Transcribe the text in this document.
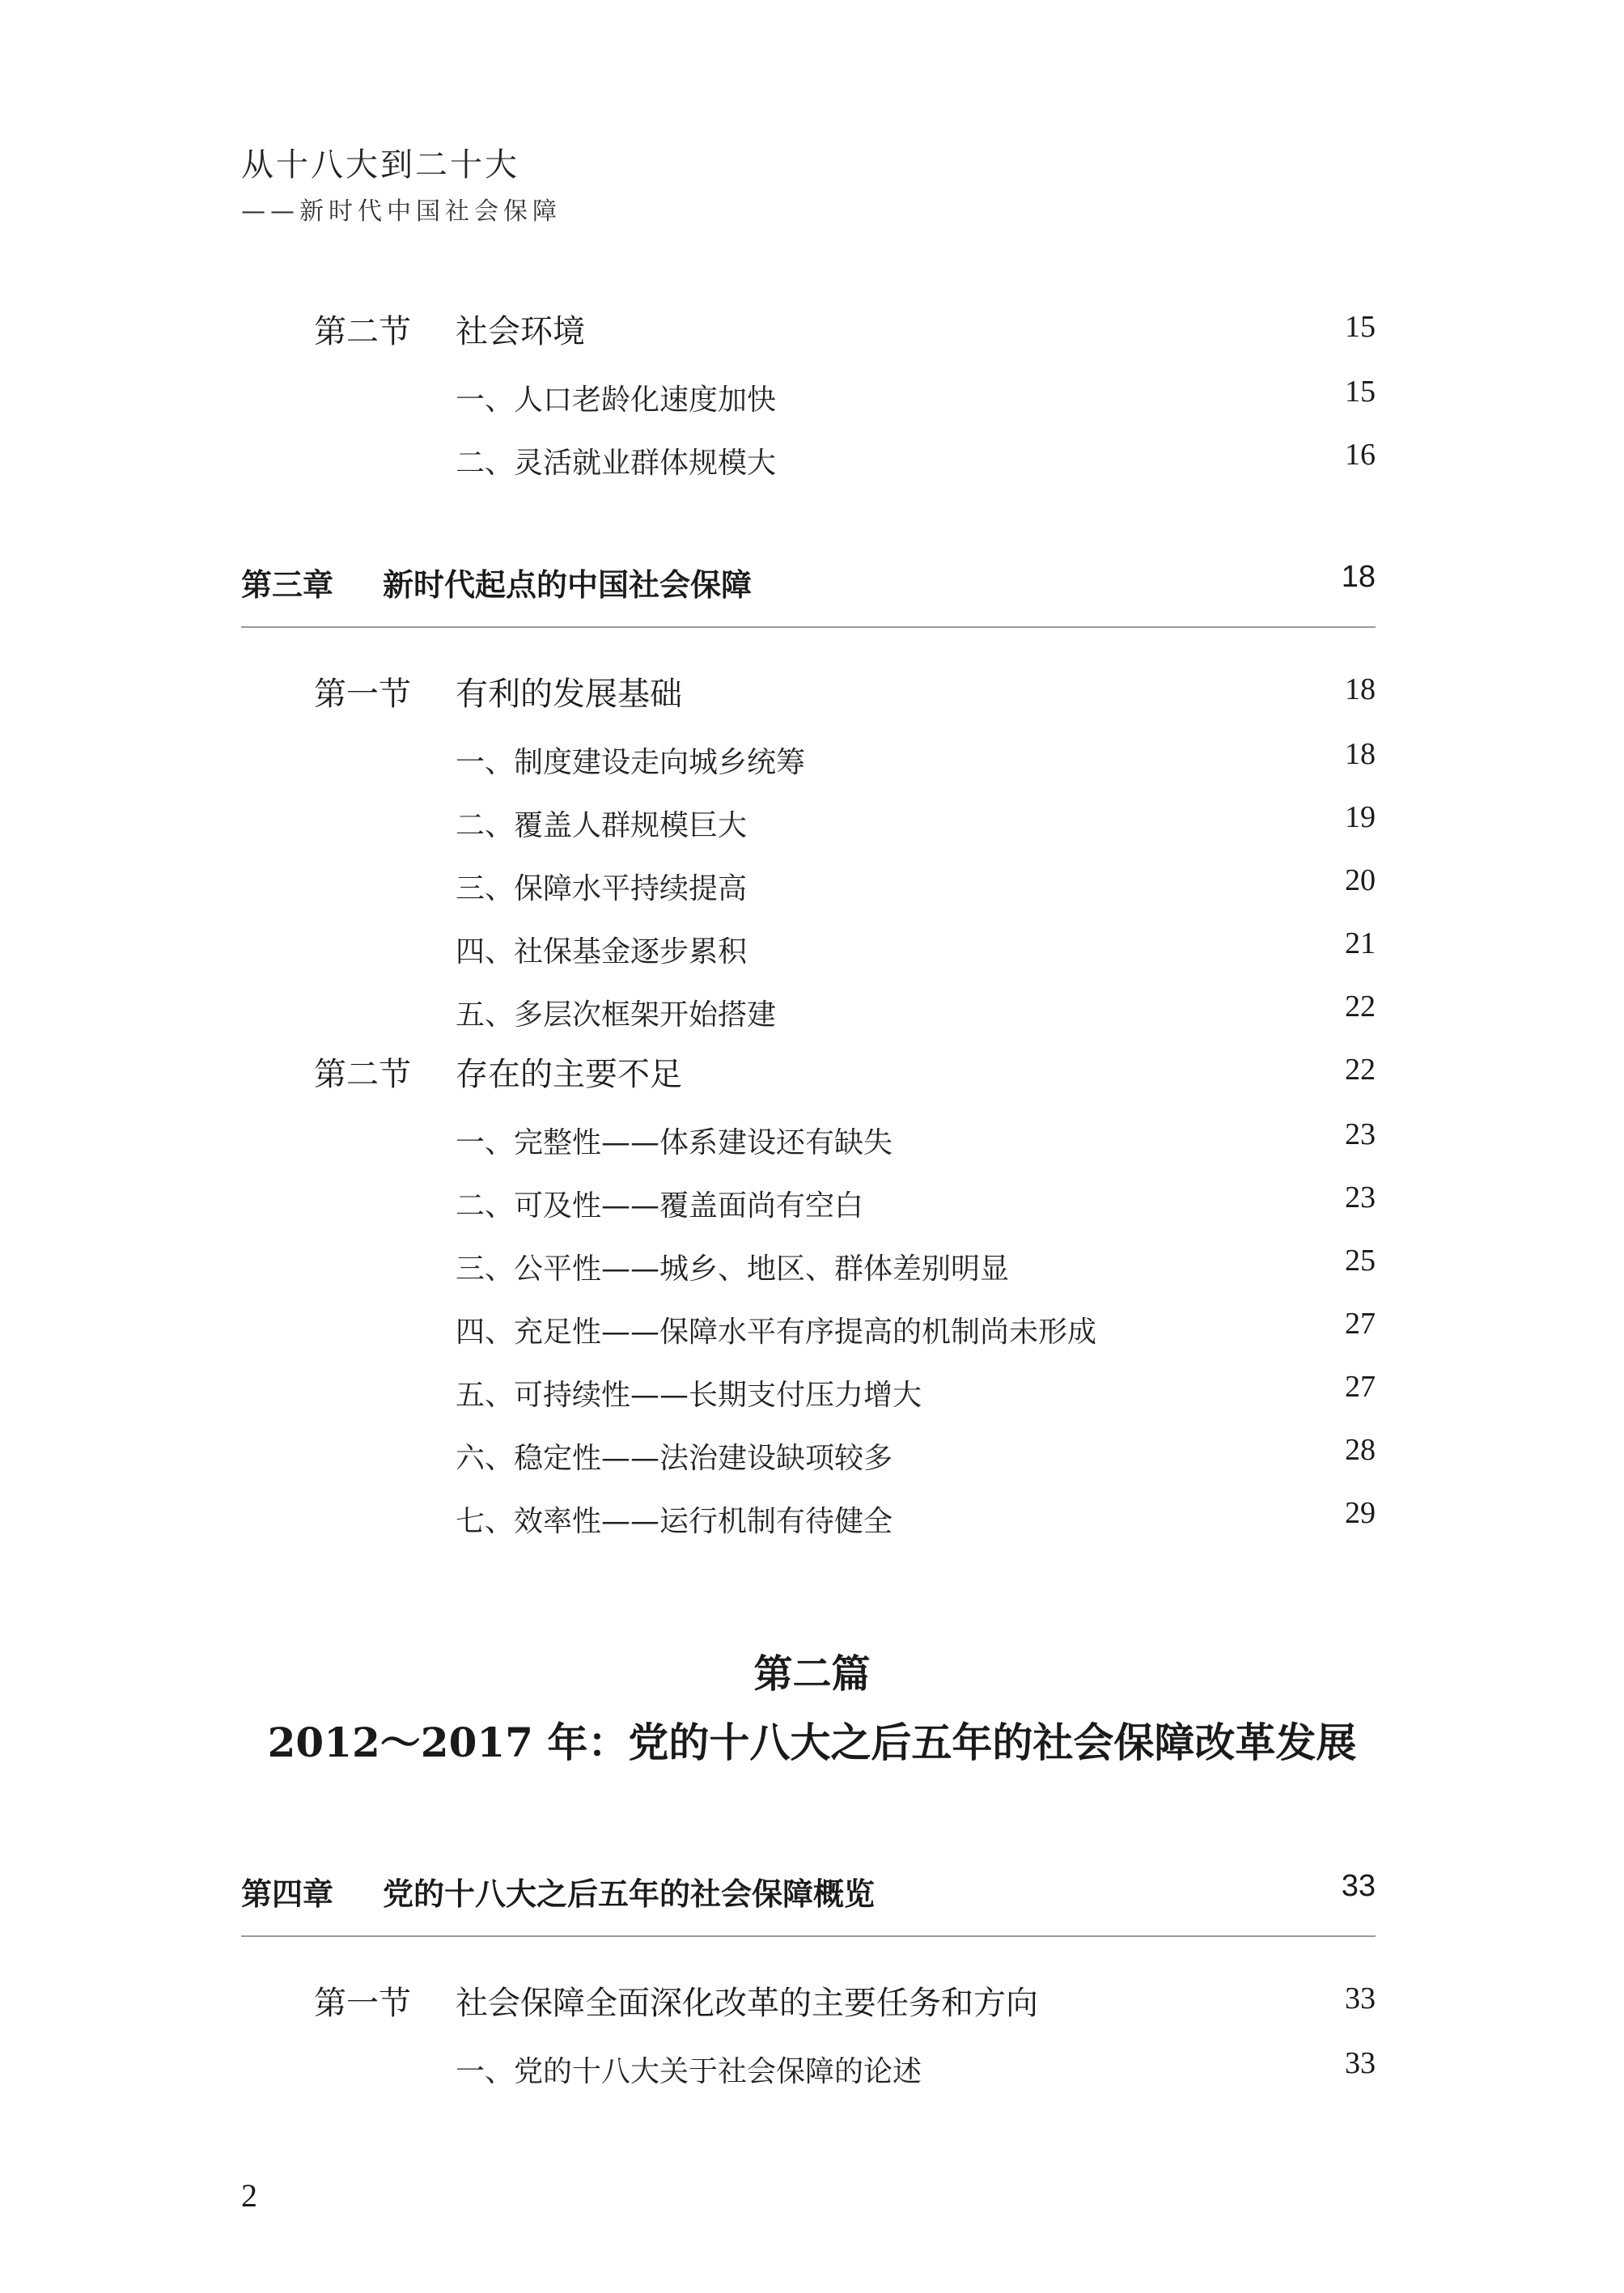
从十八大到二十大
——新时代中国社会保障
第二节 社会环境	15
一、人口老龄化速度加快	15
二、灵活就业群体规模大	16
第三章 新时代起点的中国社会保障	18
第一节 有利的发展基础	18
一、制度建设走向城乡统筹	18
二、覆盖人群规模巨大	19
三、保障水平持续提高	20
四、社保基金逐步累积	21
五、多层次框架开始搭建	22
第二节 存在的主要不足	22
一、完整性——体系建设还有缺失	23
二、可及性——覆盖面尚有空白	23
三、公平性——城乡、地区、群体差别明显	25
四、充足性——保障水平有序提高的机制尚未形成	27
五、可持续性——长期支付压力增大	27
六、稳定性——法治建设缺项较多	28
七、效率性——运行机制有待健全	29
第二篇
2012～2017 年：党的十八大之后五年的社会保障改革发展
第四章 党的十八大之后五年的社会保障概览	33
第一节 社会保障全面深化改革的主要任务和方向	33
一、党的十八大关于社会保障的论述	33
2
